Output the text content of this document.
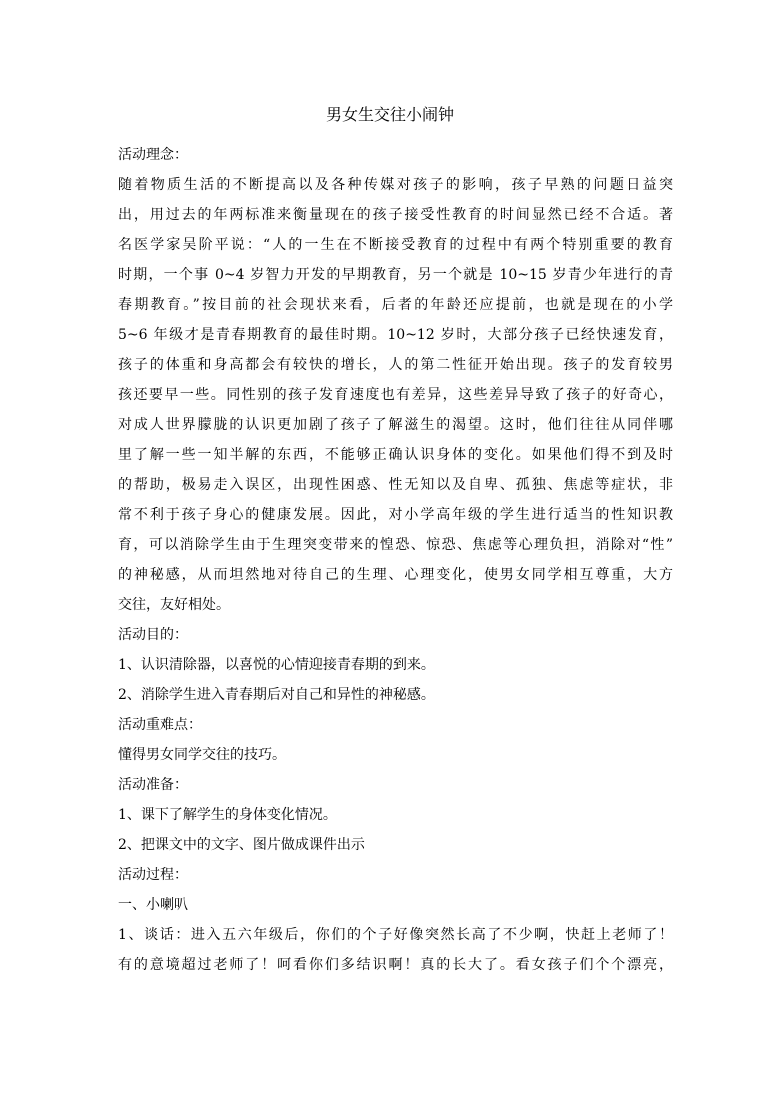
男女生交往小闹钟
活动理念：
随着物质生活的不断提高以及各种传媒对孩子的影响，孩子早熟的问题日益突
出，用过去的年两标准来衡量现在的孩子接受性教育的时间显然已经不合适。著
名医学家吴阶平说：“人的一生在不断接受教育的过程中有两个特别重要的教育
时期，一个事 0~4 岁智力开发的早期教育，另一个就是 10~15 岁青少年进行的青
春期教育。”按目前的社会现状来看，后者的年龄还应提前，也就是现在的小学
5~6 年级才是青春期教育的最佳时期。10~12 岁时，大部分孩子已经快速发育，
孩子的体重和身高都会有较快的增长，人的第二性征开始出现。孩子的发育较男
孩还要早一些。同性别的孩子发育速度也有差异，这些差异导致了孩子的好奇心，
对成人世界朦胧的认识更加剧了孩子了解滋生的渴望。这时，他们往往从同伴哪
里了解一些一知半解的东西，不能够正确认识身体的变化。如果他们得不到及时
的帮助，极易走入误区，出现性困惑、性无知以及自卑、孤独、焦虑等症状，非
常不利于孩子身心的健康发展。因此，对小学高年级的学生进行适当的性知识教
育，可以消除学生由于生理突变带来的惶恐、惊恐、焦虑等心理负担，消除对“性”
的神秘感，从而坦然地对待自己的生理、心理变化，使男女同学相互尊重，大方
交往，友好相处。
活动目的：
1、认识清除器，以喜悦的心情迎接青春期的到来。
2、消除学生进入青春期后对自己和异性的神秘感。
活动重难点：
懂得男女同学交往的技巧。
活动准备：
1、课下了解学生的身体变化情况。
2、把课文中的文字、图片做成课件出示
活动过程：
一、小喇叭
1、谈话：进入五六年级后，你们的个子好像突然长高了不少啊，快赶上老师了！
有的意境超过老师了！呵看你们多结识啊！真的长大了。看女孩子们个个漂亮，
